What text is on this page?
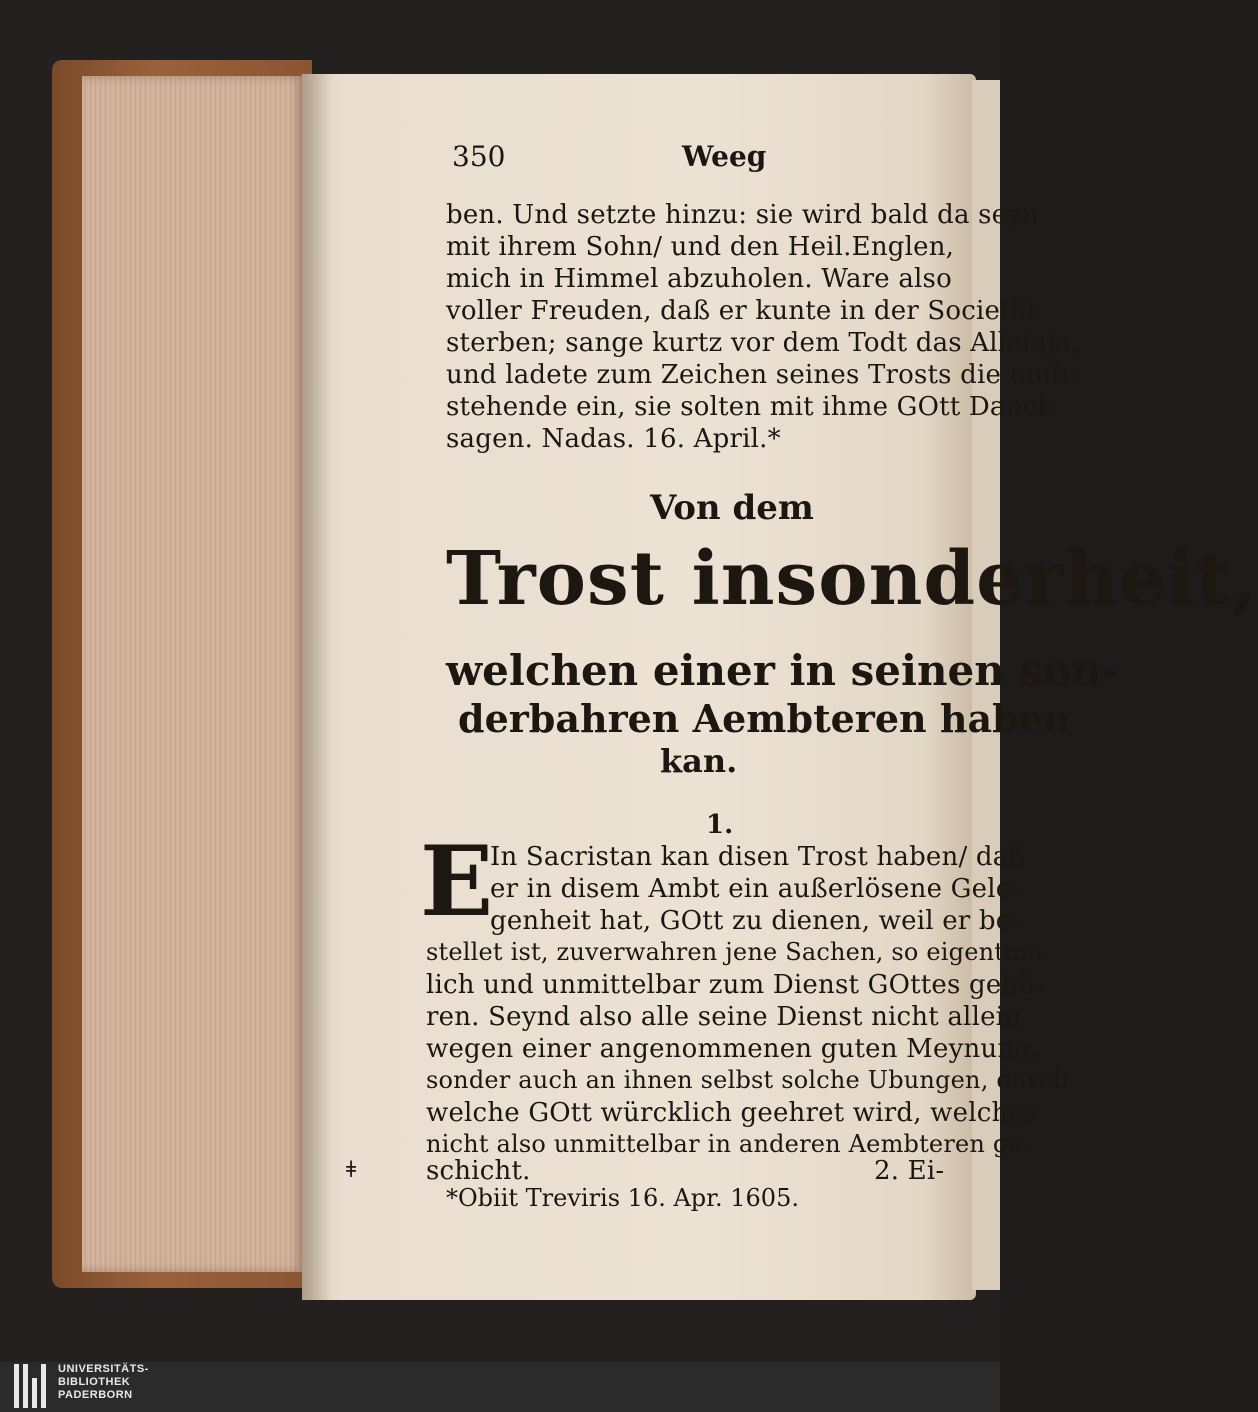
350	Weeg
ben. Und setzte hinzu: sie wird bald da seyn
mit ihrem Sohn/ und den Heil.Englen,
mich in Himmel abzuholen. Ware also
voller Freuden, daß er kunte in der Societät
sterben; sange kurtz vor dem Todt das Alleluja,
und ladete zum Zeichen seines Trosts die umb-
stehende ein, sie solten mit ihme GOtt Danck
sagen. Nadas. 16. April.*
Von dem
Trost insonderheit,
welchen einer in seinen son-
derbahren Aembteren haben
kan.
1.
E
In Sacristan kan disen Trost haben/ daß
er in disem Ambt ein außerlösene Gele-
genheit hat, GOtt zu dienen, weil er be-
stellet ist, zuverwahren jene Sachen, so eigentum-
lich und unmittelbar zum Dienst GOttes gehö-
ren. Seynd also alle seine Dienst nicht allein
wegen einer angenommenen guten Meynung,
sonder auch an ihnen selbst solche Ubungen, durch
welche GOtt würcklich geehret wird, welches
nicht also unmittelbar in anderen Aembteren ge-
schicht.	2. Ei-
ǂ
*Obiit Treviris 16. Apr. 1605.
UNIVERSITÄTS-
BIBLIOTHEK
PADERBORN
